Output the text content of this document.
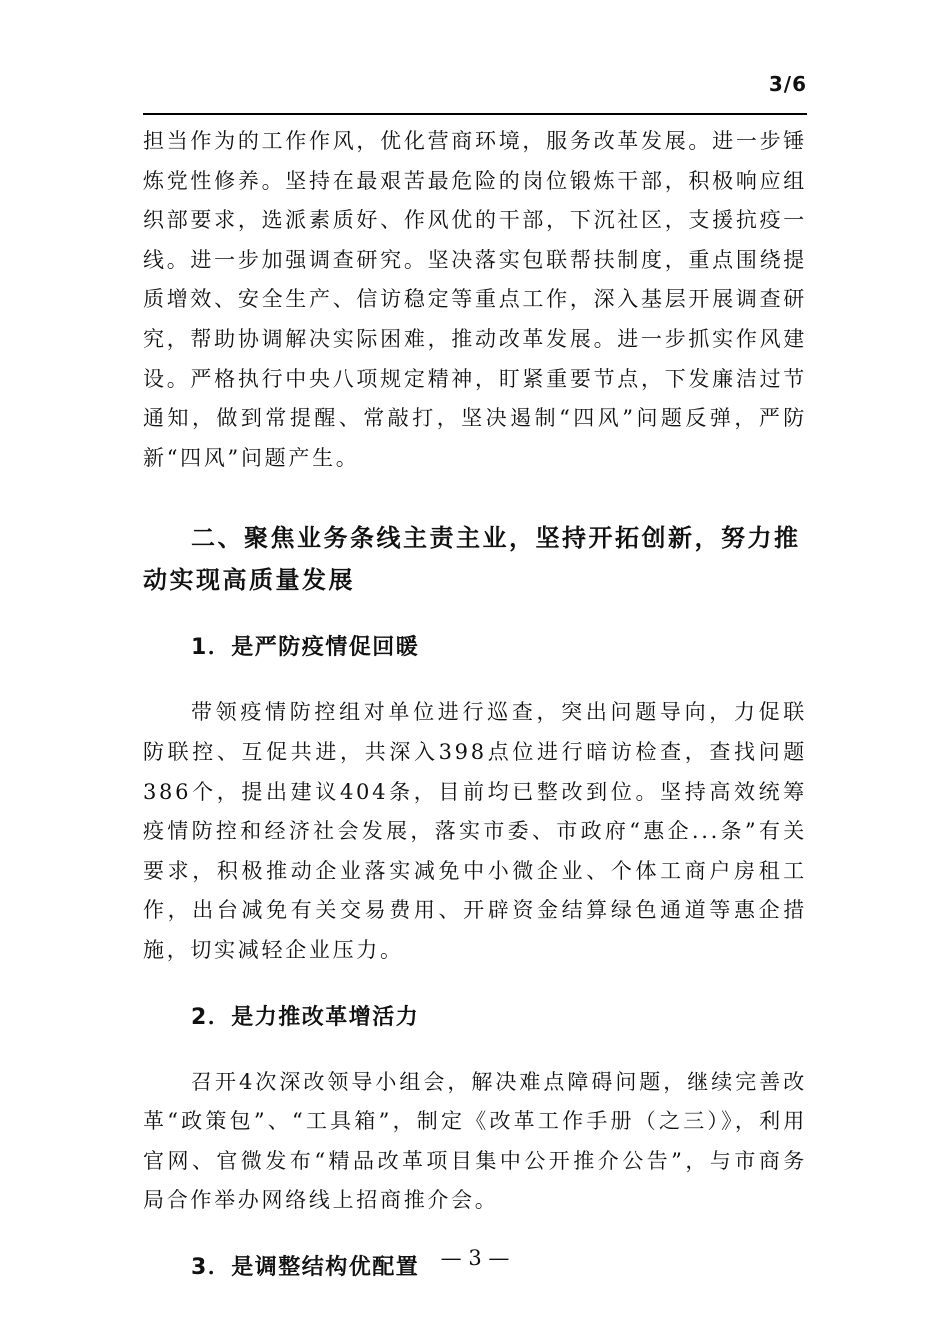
3/6

担当作为的工作作风，优化营商环境，服务改革发展。进一步锤炼党性修养。坚持在最艰苦最危险的岗位锻炼干部，积极响应组织部要求，选派素质好、作风优的干部，下沉社区，支援抗疫一线。进一步加强调查研究。坚决落实包联帮扶制度，重点围绕提质增效、安全生产、信访稳定等重点工作，深入基层开展调查研究，帮助协调解决实际困难，推动改革发展。进一步抓实作风建设。严格执行中央八项规定精神，盯紧重要节点，下发廉洁过节通知，做到常提醒、常敲打，坚决遏制“四风”问题反弹，严防新“四风”问题产生。

二、聚焦业务条线主责主业，坚持开拓创新，努力推动实现高质量发展
1．是严防疫情促回暖

带领疫情防控组对单位进行巡查，突出问题导向，力促联防联控、互促共进，共深入398点位进行暗访检查，查找问题386个，提出建议404条，目前均已整改到位。坚持高效统筹疫情防控和经济社会发展，落实市委、市政府“惠企...条”有关要求，积极推动企业落实减免中小微企业、个体工商户房租工作，出台减免有关交易费用、开辟资金结算绿色通道等惠企措施，切实减轻企业压力。

2．是力推改革增活力

召开4次深改领导小组会，解决难点障碍问题，继续完善改革“政策包”、“工具箱”，制定《改革工作手册（之三）》，利用官网、官微发布“精品改革项目集中公开推介公告”，与市商务局合作举办网络线上招商推介会。

3．是调整结构优配置	— 3 —
